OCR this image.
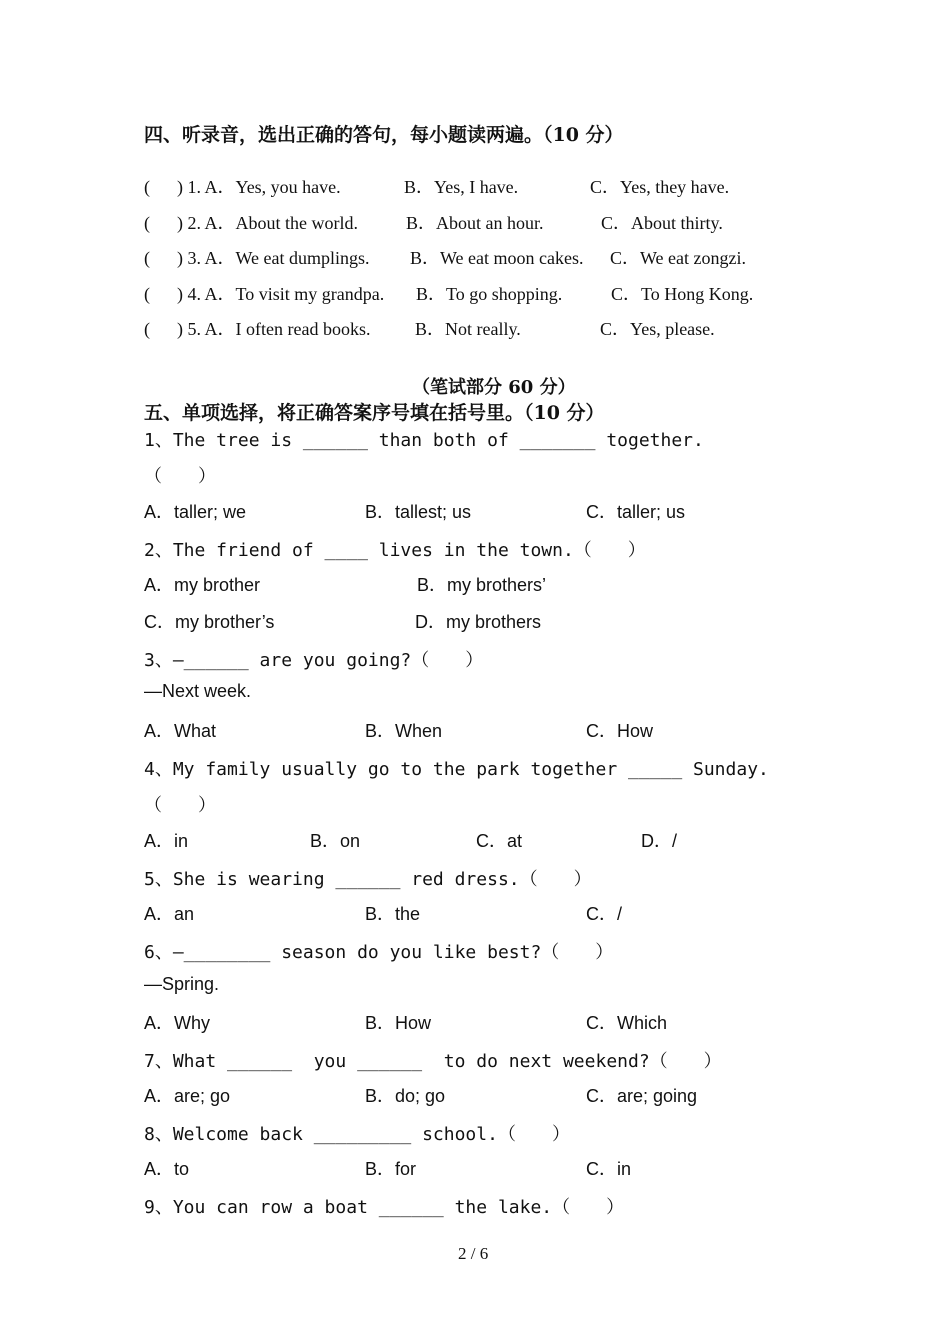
四、听录音，选出正确的答句，每小题读两遍。（10 分）
(      ) 1. A．Yes, you have.	B．Yes, I have.	C．Yes, they have.
(      ) 2. A．About the world.	B．About an hour.	C．About thirty.
(      ) 3. A．We eat dumplings. B．We eat moon cakes. C．We eat zongzi.
(      ) 4. A．To visit my grandpa. B．To go shopping.	C．To Hong Kong.
(      ) 5. A．I often read books. B．Not really.	C．Yes, please.
（笔试部分 60 分）
五、单项选择，将正确答案序号填在括号里。（10 分）
1、The tree is ______ than both of _______ together.
（　　）
A．taller; we	B．tallest; us	C．taller; us
2、The friend of ____ lives in the town.（　　）
A．my brother	B．my brothers’
C．my brother’s	D．my brothers
3、—______ are you going?（　　）
—Next week.
A．What	B．When	C．How
4、My family usually go to the park together _____ Sunday.
（　　）
A．in	B．on	C．at	D．/
5、She is wearing ______ red dress.（　　）
A．an	B．the	C．/
6、—________ season do you like best?（　　）
—Spring.
A．Why	B．How	C．Which
7、What ______  you ______  to do next weekend?（　　）
A．are; go	B．do; go	C．are; going
8、Welcome back _________ school.（　　）
A．to	B．for	C．in
9、You can row a boat ______ the lake.（　　）
2 / 6
